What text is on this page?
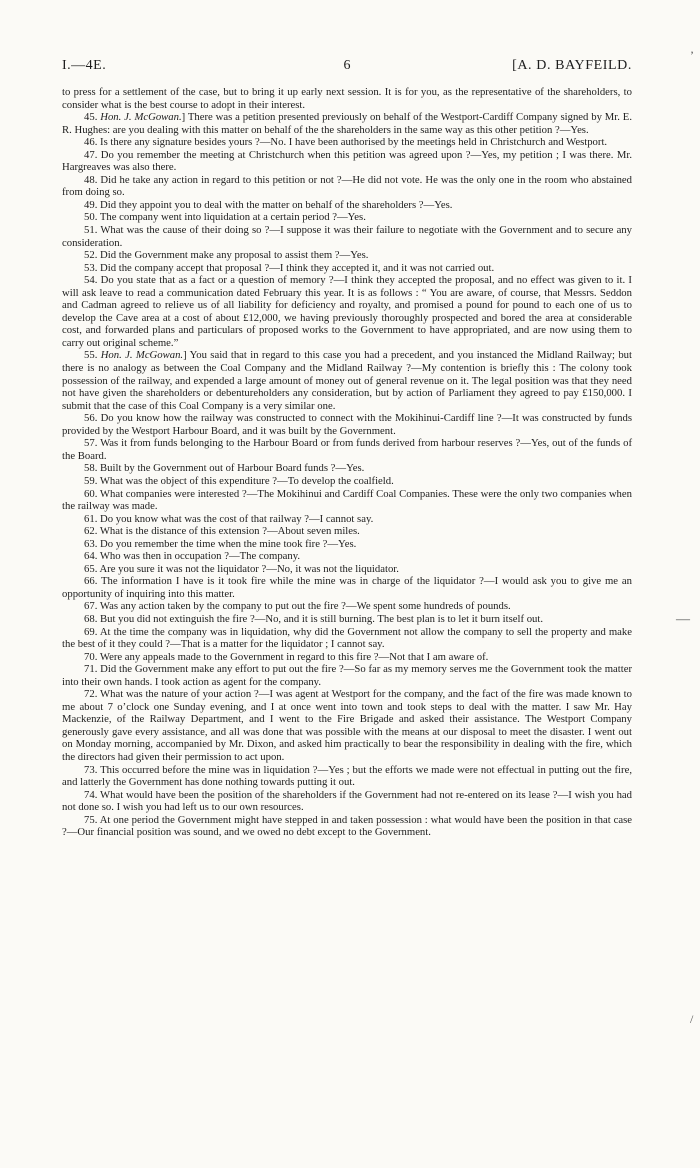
I.—4E.	6	[A. D. BAYFEILD.

to press for a settlement of the case, but to bring it up early next session. It is for you, as the representative of the shareholders, to consider what is the best course to adopt in their interest.

45. Hon. J. McGowan.] There was a petition presented previously on behalf of the Westport-Cardiff Company signed by Mr. E. R. Hughes: are you dealing with this matter on behalf of the the shareholders in the same way as this other petition ?—Yes.

46. Is there any signature besides yours ?—No. I have been authorised by the meetings held in Christchurch and Westport.

47. Do you remember the meeting at Christchurch when this petition was agreed upon ?—Yes, my petition ; I was there. Mr. Hargreaves was also there.

48. Did he take any action in regard to this petition or not ?—He did not vote. He was the only one in the room who abstained from doing so.

49. Did they appoint you to deal with the matter on behalf of the shareholders ?—Yes.

50. The company went into liquidation at a certain period ?—Yes.

51. What was the cause of their doing so ?—I suppose it was their failure to negotiate with the Government and to secure any consideration.

52. Did the Government make any proposal to assist them ?—Yes.

53. Did the company accept that proposal ?—I think they accepted it, and it was not carried out.

54. Do you state that as a fact or a question of memory ?—I think they accepted the proposal, and no effect was given to it. I will ask leave to read a communication dated February this year. It is as follows : “ You are aware, of course, that Messrs. Seddon and Cadman agreed to relieve us of all liability for deficiency and royalty, and promised a pound for pound to each one of us to develop the Cave area at a cost of about £12,000, we having previously thoroughly prospected and bored the area at considerable cost, and forwarded plans and particulars of proposed works to the Government to have appropriated, and are now using them to carry out original scheme.”

55. Hon. J. McGowan.] You said that in regard to this case you had a precedent, and you instanced the Midland Railway; but there is no analogy as between the Coal Company and the Midland Railway ?—My contention is briefly this : The colony took possession of the railway, and expended a large amount of money out of general revenue on it. The legal position was that they need not have given the shareholders or debentureholders any consideration, but by action of Parliament they agreed to pay £150,000. I submit that the case of this Coal Company is a very similar one.

56. Do you know how the railway was constructed to connect with the Mokihinui-Cardiff line ?—It was constructed by funds provided by the Westport Harbour Board, and it was built by the Government.

57. Was it from funds belonging to the Harbour Board or from funds derived from harbour reserves ?—Yes, out of the funds of the Board.

58. Built by the Government out of Harbour Board funds ?—Yes.

59. What was the object of this expenditure ?—To develop the coalfield.

60. What companies were interested ?—The Mokihinui and Cardiff Coal Companies. These were the only two companies when the railway was made.

61. Do you know what was the cost of that railway ?—I cannot say.

62. What is the distance of this extension ?—About seven miles.

63. Do you remember the time when the mine took fire ?—Yes.

64. Who was then in occupation ?—The company.

65. Are you sure it was not the liquidator ?—No, it was not the liquidator.

66. The information I have is it took fire while the mine was in charge of the liquidator ?—I would ask you to give me an opportunity of inquiring into this matter.

67. Was any action taken by the company to put out the fire ?—We spent some hundreds of pounds.

68. But you did not extinguish the fire ?—No, and it is still burning. The best plan is to let it burn itself out.

69. At the time the company was in liquidation, why did the Government not allow the company to sell the property and make the best of it they could ?—That is a matter for the liquidator ; I cannot say.

70. Were any appeals made to the Government in regard to this fire ?—Not that I am aware of.

71. Did the Government make any effort to put out the fire ?—So far as my memory serves me the Government took the matter into their own hands. I took action as agent for the company.

72. What was the nature of your action ?—I was agent at Westport for the company, and the fact of the fire was made known to me about 7 o’clock one Sunday evening, and I at once went into town and took steps to deal with the matter. I saw Mr. Hay Mackenzie, of the Railway Department, and I went to the Fire Brigade and asked their assistance. The Westport Company generously gave every assistance, and all was done that was possible with the means at our disposal to meet the disaster. I went out on Monday morning, accompanied by Mr. Dixon, and asked him practically to bear the responsibility in dealing with the fire, which the directors had given their permission to act upon.

73. This occurred before the mine was in liquidation ?—Yes ; but the efforts we made were not effectual in putting out the fire, and latterly the Government has done nothing towards putting it out.

74. What would have been the position of the shareholders if the Government had not re-entered on its lease ?—I wish you had not done so. I wish you had left us to our own resources.

75. At one period the Government might have stepped in and taken possession : what would have been the position in that case ?—Our financial position was sound, and we owed no debt except to the Government.

’
—
/
